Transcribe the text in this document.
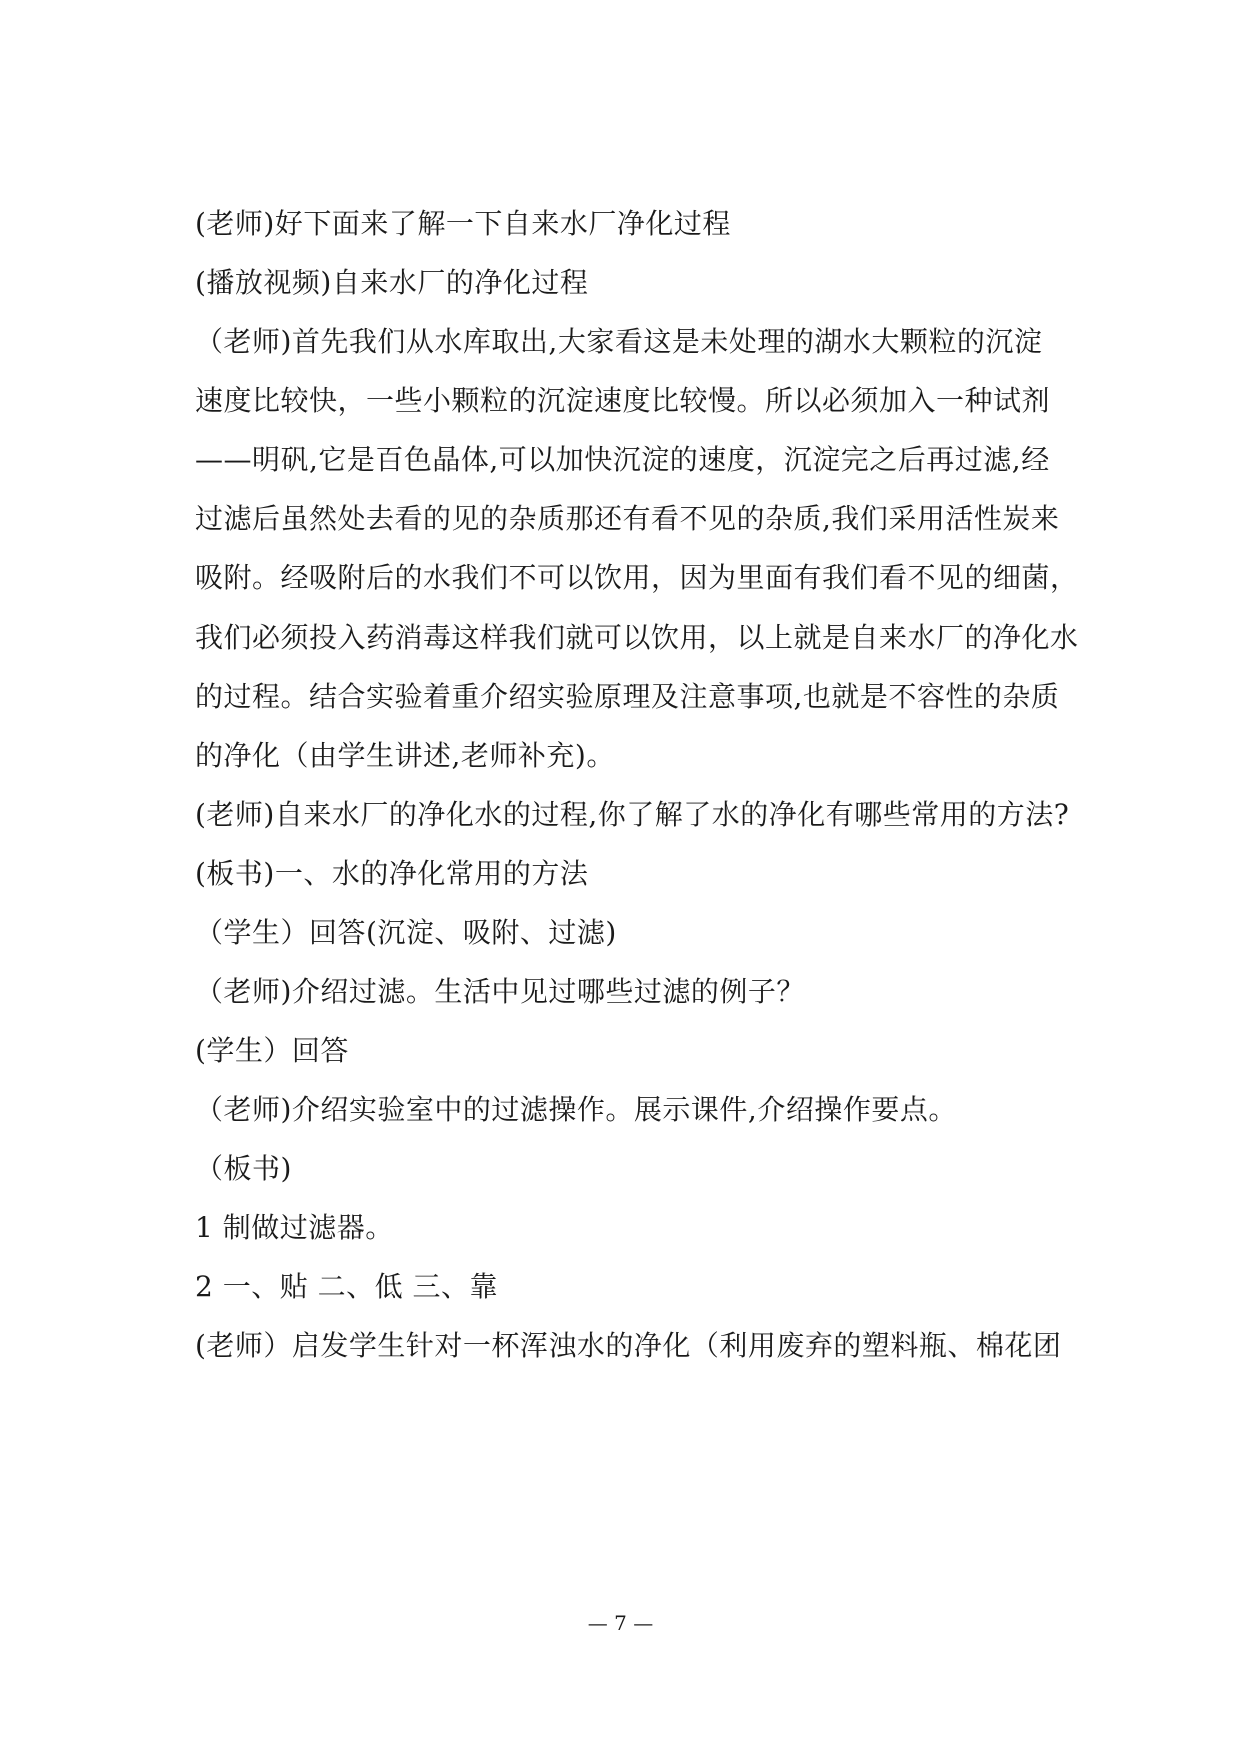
(老师)好下面来了解一下自来水厂净化过程
(播放视频)自来水厂的净化过程
（老师)首先我们从水库取出,大家看这是未处理的湖水大颗粒的沉淀
速度比较快，一些小颗粒的沉淀速度比较慢。所以必须加入一种试剂
——明矾,它是百色晶体,可以加快沉淀的速度，沉淀完之后再过滤,经
过滤后虽然处去看的见的杂质那还有看不见的杂质,我们采用活性炭来
吸附。经吸附后的水我们不可以饮用，因为里面有我们看不见的细菌，
我们必须投入药消毒这样我们就可以饮用，以上就是自来水厂的净化水
的过程。结合实验着重介绍实验原理及注意事项,也就是不容性的杂质
的净化（由学生讲述,老师补充)。
(老师)自来水厂的净化水的过程,你了解了水的净化有哪些常用的方法?
(板书)一、水的净化常用的方法
（学生）回答(沉淀、吸附、过滤)
（老师)介绍过滤。生活中见过哪些过滤的例子？
(学生）回答
（老师)介绍实验室中的过滤操作。展示课件,介绍操作要点。
（板书)
1 制做过滤器。
2 一、贴 二、低 三、靠
(老师）启发学生针对一杯浑浊水的净化（利用废弃的塑料瓶、棉花团
— 7 —
